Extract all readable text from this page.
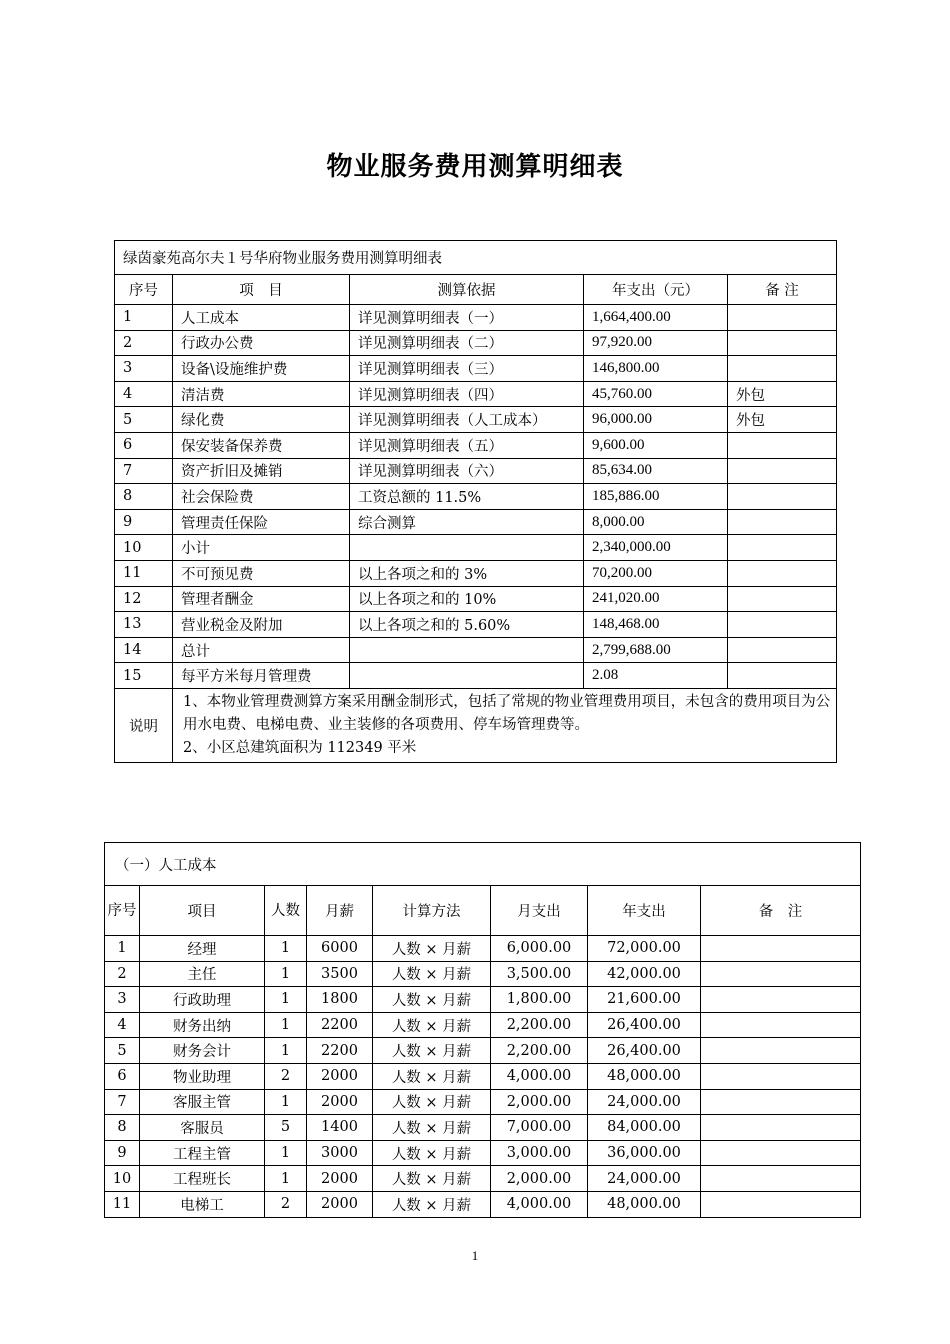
物业服务费用测算明细表
绿茵豪苑高尔夫１号华府物业服务费用测算明细表				
序号	项　目	测算依据	年支出（元）	备 注
1	人工成本	详见测算明细表（一）	1,664,400.00	
2	行政办公费	详见测算明细表（二）	97,920.00	
3	设备\设施维护费	详见测算明细表（三）	146,800.00	
4	清洁费	详见测算明细表（四）	45,760.00	外包
5	绿化费	详见测算明细表（人工成本）	96,000.00	外包
6	保安装备保养费	详见测算明细表（五）	9,600.00	
7	资产折旧及摊销	详见测算明细表（六）	85,634.00	
8	社会保险费	工资总额的 11.5%	185,886.00	
9	管理责任保险	综合测算	8,000.00	
10	小计		2,340,000.00	
11	不可预见费	以上各项之和的 3%	70,200.00	
12	管理者酬金	以上各项之和的 10%	241,020.00	
13	营业税金及附加	以上各项之和的 5.60%	148,468.00	
14	总计		2,799,688.00	
15	每平方米每月管理费		2.08	
说明	1、本物业管理费测算方案采用酬金制形式，包括了常规的物业管理费用项目，未包含的费用项目为公用水电费、电梯电费、业主装修的各项费用、停车场管理费等。
2、小区总建筑面积为 112349 平米			
（一）人工成本							
序号	项目	人数	月薪	计算方法	月支出	年支出	备　注
1	经理	1	6000	人数 × 月薪	6,000.00	72,000.00	
2	主任	1	3500	人数 × 月薪	3,500.00	42,000.00	
3	行政助理	1	1800	人数 × 月薪	1,800.00	21,600.00	
4	财务出纳	1	2200	人数 × 月薪	2,200.00	26,400.00	
5	财务会计	1	2200	人数 × 月薪	2,200.00	26,400.00	
6	物业助理	2	2000	人数 × 月薪	4,000.00	48,000.00	
7	客服主管	1	2000	人数 × 月薪	2,000.00	24,000.00	
8	客服员	5	1400	人数 × 月薪	7,000.00	84,000.00	
9	工程主管	1	3000	人数 × 月薪	3,000.00	36,000.00	
10	工程班长	1	2000	人数 × 月薪	2,000.00	24,000.00	
11	电梯工	2	2000	人数 × 月薪	4,000.00	48,000.00	
1
